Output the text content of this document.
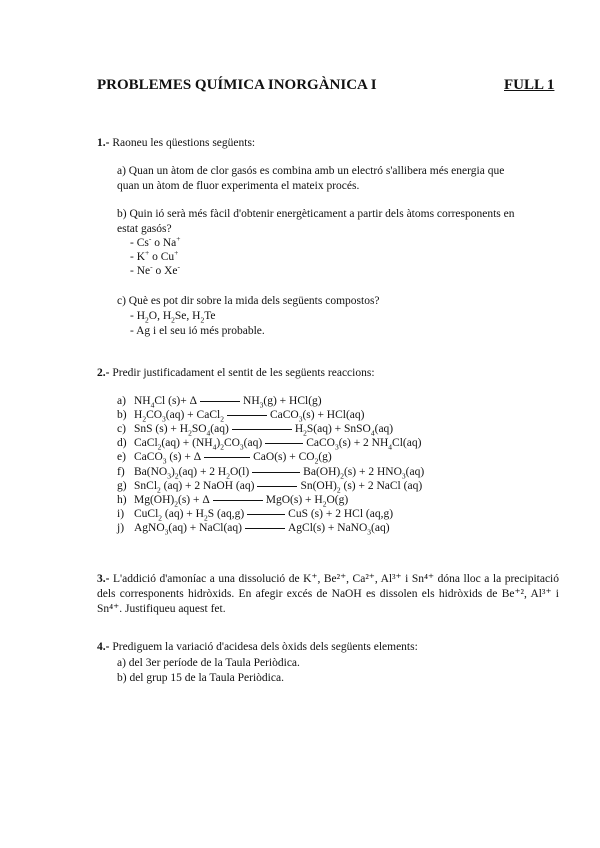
PROBLEMES QUÍMICA INORGÀNICA I	FULL 1
1.- Raoneu les qüestions següents:
a) Quan un àtom de clor gasós es combina amb un electró s'allibera més energia que
quan un àtom de fluor experimenta el mateix procés.
b) Quin ió serà més fàcil d'obtenir energèticament a partir dels àtoms corresponents en
estat gasós?
- Cs- o Na+
- K+ o Cu+
- Ne- o Xe-
c) Què es pot dir sobre la mida dels següents compostos?
- $H_2O$, $H_2Se$, $H_2Te$
- Ag i el seu ió més probable.
2.- Predir justificadament el sentit de les següents reaccions:
a) $NH_4Cl$ (s)+ Δ	$NH_3(g) + HCl(g)$
b) $H_2CO_3(aq)$ + CaCl$_2$	CaCO$_3$(s) + HCl(aq)
c) SnS $(s) + H_2SO_4(aq)$	$H_2S(aq)$ + SnSO$_4$(aq)
d) CaCl$_2$(aq) + $(NH_4)_2CO_3(aq)$	CaCO$_3$(s) + 2 $NH_4Cl(aq)$
e) CaCO$_3$ (s) + Δ	$CaO(s) + CO_2(g)$
f) $Ba(NO_3)_2(aq) + 2$ $H_2O(l)$	$Ba(OH)_2(s) + 2$ $HNO_3(aq)$
g) SnCl$_2$ (aq) + 2 NaOH (aq)	$Sn(OH)_2$ (s) + 2 NaCl (aq)
h) $Mg(OH)_2(s) + \Delta$	$MgO(s) + H_2O(g)$
i) CuCl$_2$ $(aq) + H_2S$ (aq,g)	CuS (s) + 2 HCl (aq,g)
j) AgNO$_3$(aq) + NaCl(aq)	AgCl(s) + NaNO$_3$(aq)
3.- L'addició d'amoníac a una dissolució de K⁺, Be²⁺, Ca²⁺, Al³⁺ i Sn⁴⁺ dóna lloc a la precipitació dels corresponents hidròxids. En afegir excés de NaOH es dissolen els hidròxids de Be⁺², Al³⁺ i Sn⁴⁺. Justifiqueu aquest fet.
4.- Prediguem la variació d'acidesa dels òxids dels següents elements:
a) del 3er període de la Taula Periòdica.
b) del grup 15 de la Taula Periòdica.
